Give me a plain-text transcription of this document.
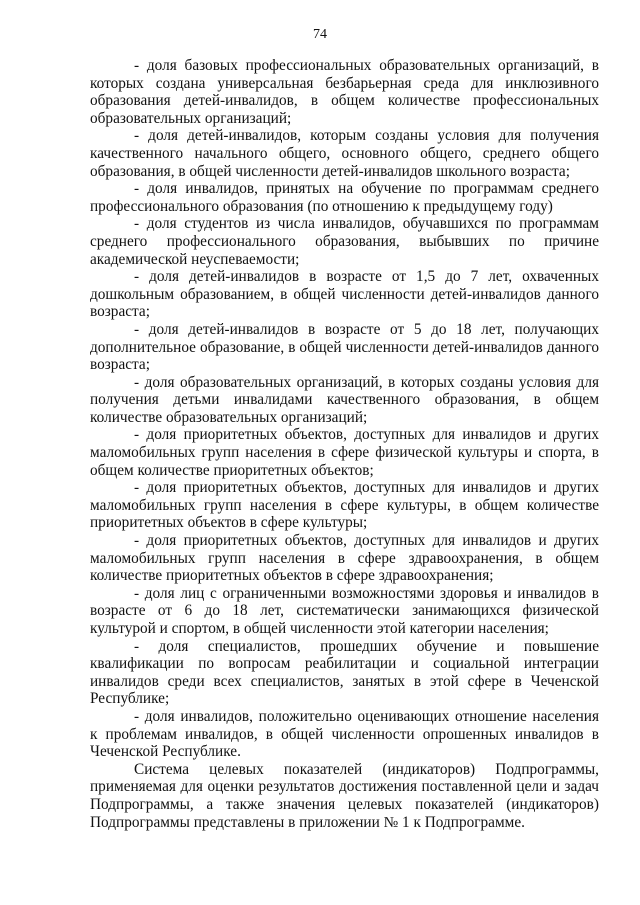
74

- доля базовых профессиональных образовательных организаций, в которых создана универсальная безбарьерная среда для инклюзивного образования детей-инвалидов, в общем количестве профессиональных образовательных организаций;

- доля детей-инвалидов, которым созданы условия для получения качественного начального общего, основного общего, среднего общего образования, в общей численности детей-инвалидов школьного возраста;

- доля инвалидов, принятых на обучение по программам среднего профессионального образования (по отношению к предыдущему году)

- доля студентов из числа инвалидов, обучавшихся по программам среднего профессионального образования, выбывших по причине академической неуспеваемости;

- доля детей-инвалидов в возрасте от 1,5 до 7 лет, охваченных дошкольным образованием, в общей численности детей-инвалидов данного возраста;

- доля детей-инвалидов в возрасте от 5 до 18 лет, получающих дополнительное образование, в общей численности детей-инвалидов данного возраста;

- доля образовательных организаций, в которых созданы условия для получения детьми инвалидами качественного образования, в общем количестве образовательных организаций;

- доля приоритетных объектов, доступных для инвалидов и других маломобильных групп населения в сфере физической культуры и спорта, в общем количестве приоритетных объектов;

- доля приоритетных объектов, доступных для инвалидов и других маломобильных групп населения в сфере культуры, в общем количестве приоритетных объектов в сфере культуры;

- доля приоритетных объектов, доступных для инвалидов и других маломобильных групп населения в сфере здравоохранения, в общем количестве приоритетных объектов в сфере здравоохранения;

- доля лиц с ограниченными возможностями здоровья и инвалидов в возрасте от 6 до 18 лет, систематически занимающихся физической культурой и спортом, в общей численности этой категории населения;

- доля специалистов, прошедших обучение и повышение квалификации по вопросам реабилитации и социальной интеграции инвалидов среди всех специалистов, занятых в этой сфере в Чеченской Республике;

- доля инвалидов, положительно оценивающих отношение населения к проблемам инвалидов, в общей численности опрошенных инвалидов в Чеченской Республике.

Система целевых показателей (индикаторов) Подпрограммы, применяемая для оценки результатов достижения поставленной цели и задач Подпрограммы, а также значения целевых показателей (индикаторов) Подпрограммы представлены в приложении № 1 к Подпрограмме.
